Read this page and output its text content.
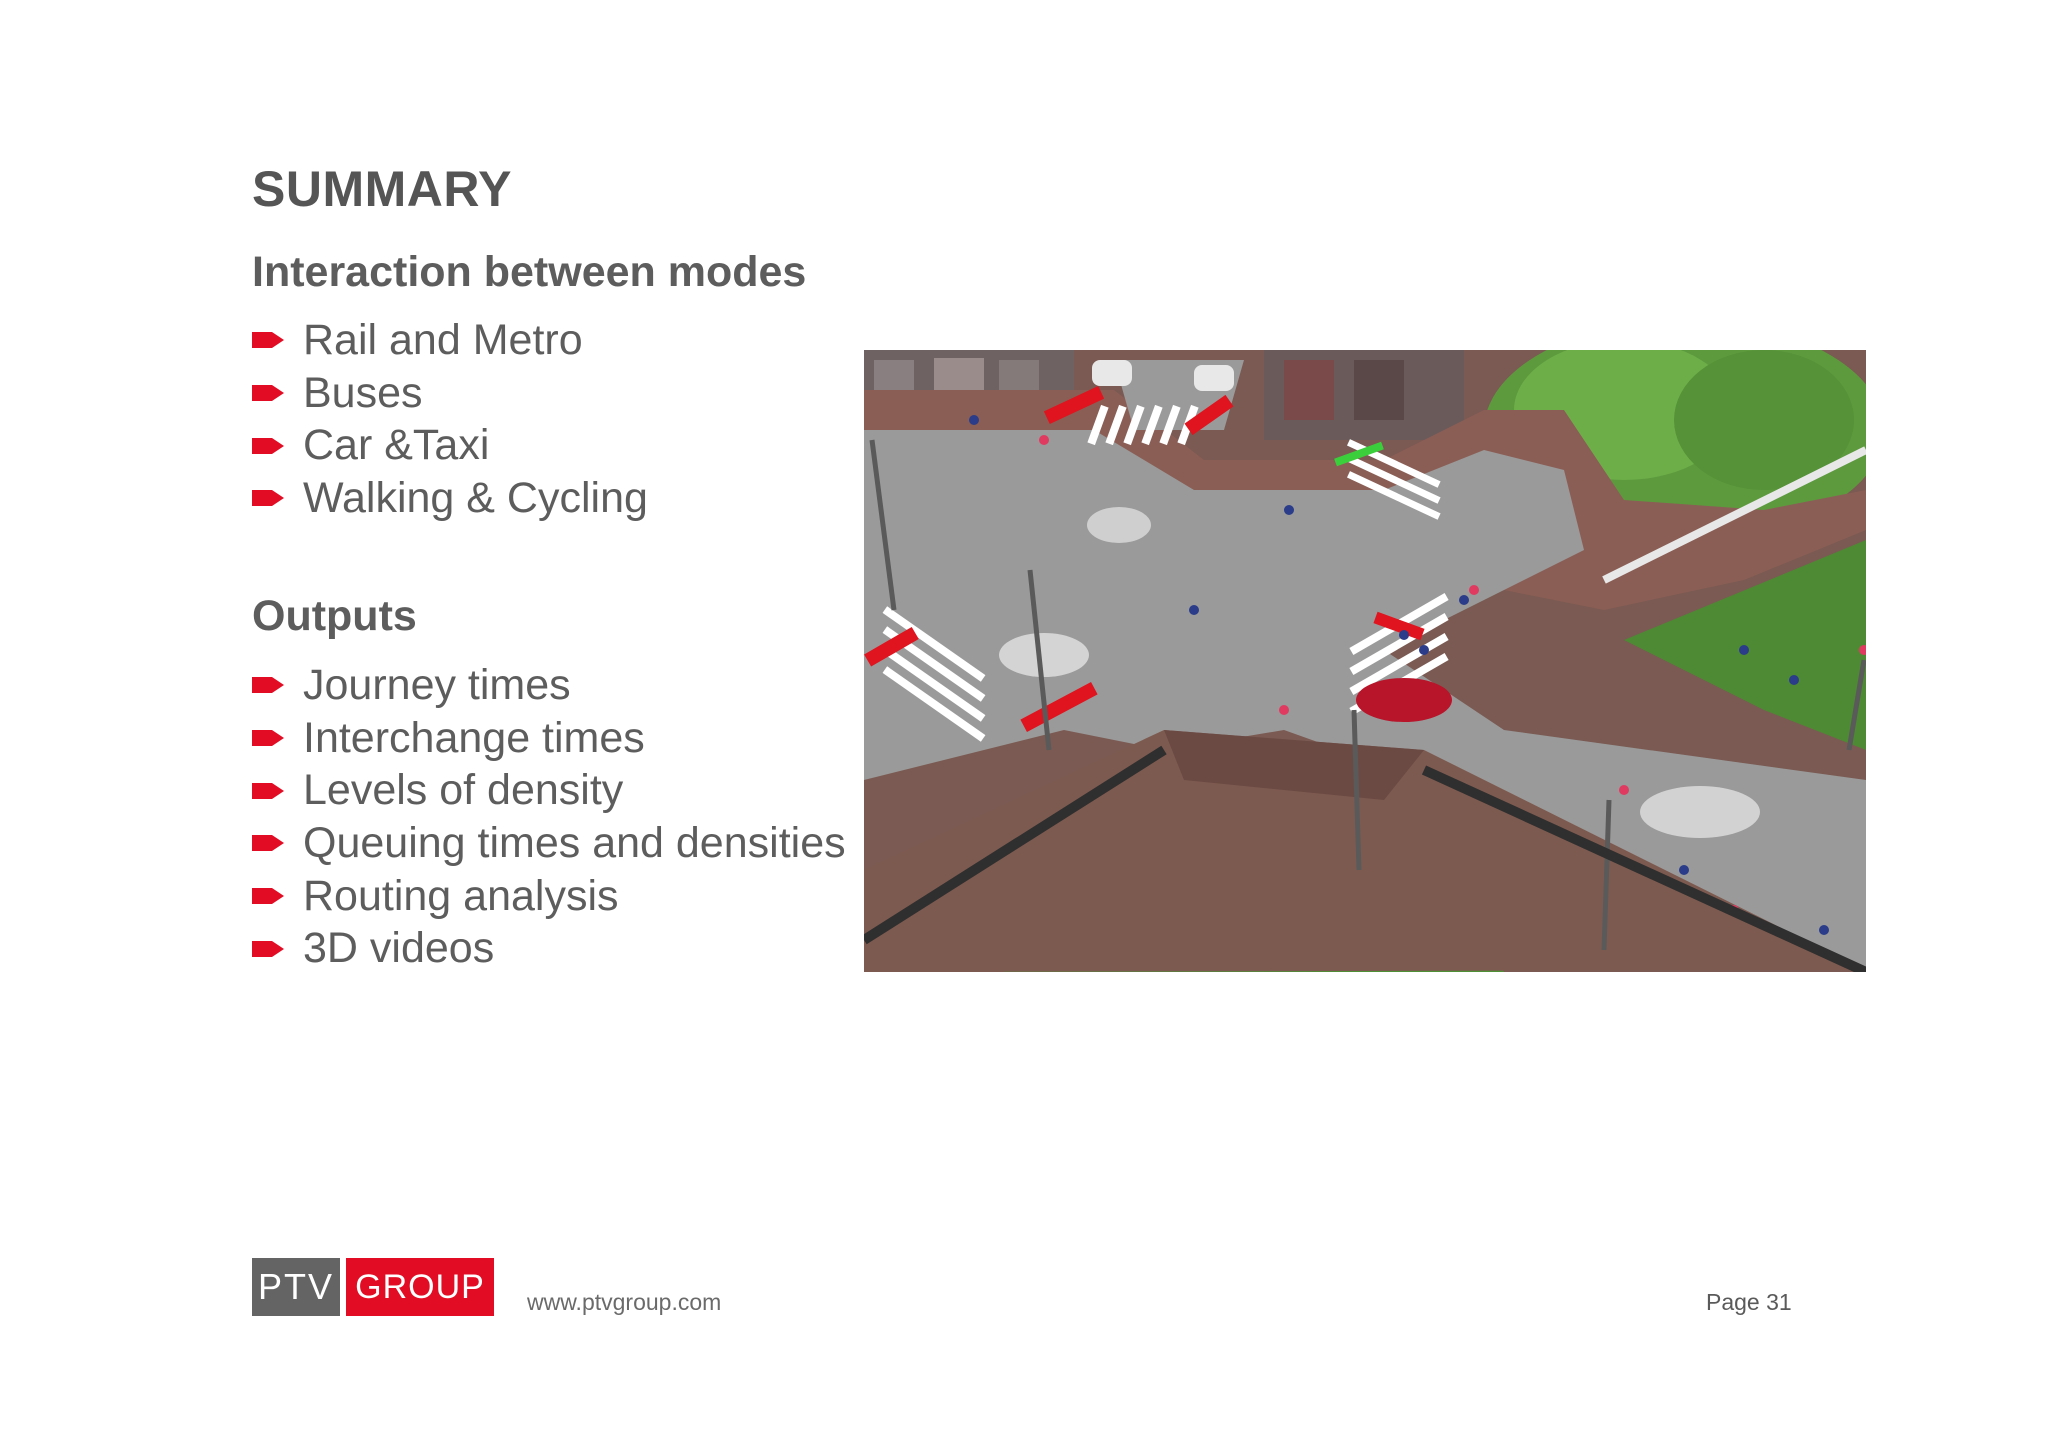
SUMMARY
Interaction between modes
Rail and Metro
Buses
Car &Taxi
Walking & Cycling
Outputs
Journey times
Interchange times
Levels of density
Queuing times and densities
Routing analysis
3D videos
PTV GROUP	www.ptvgroup.com	Page 31
